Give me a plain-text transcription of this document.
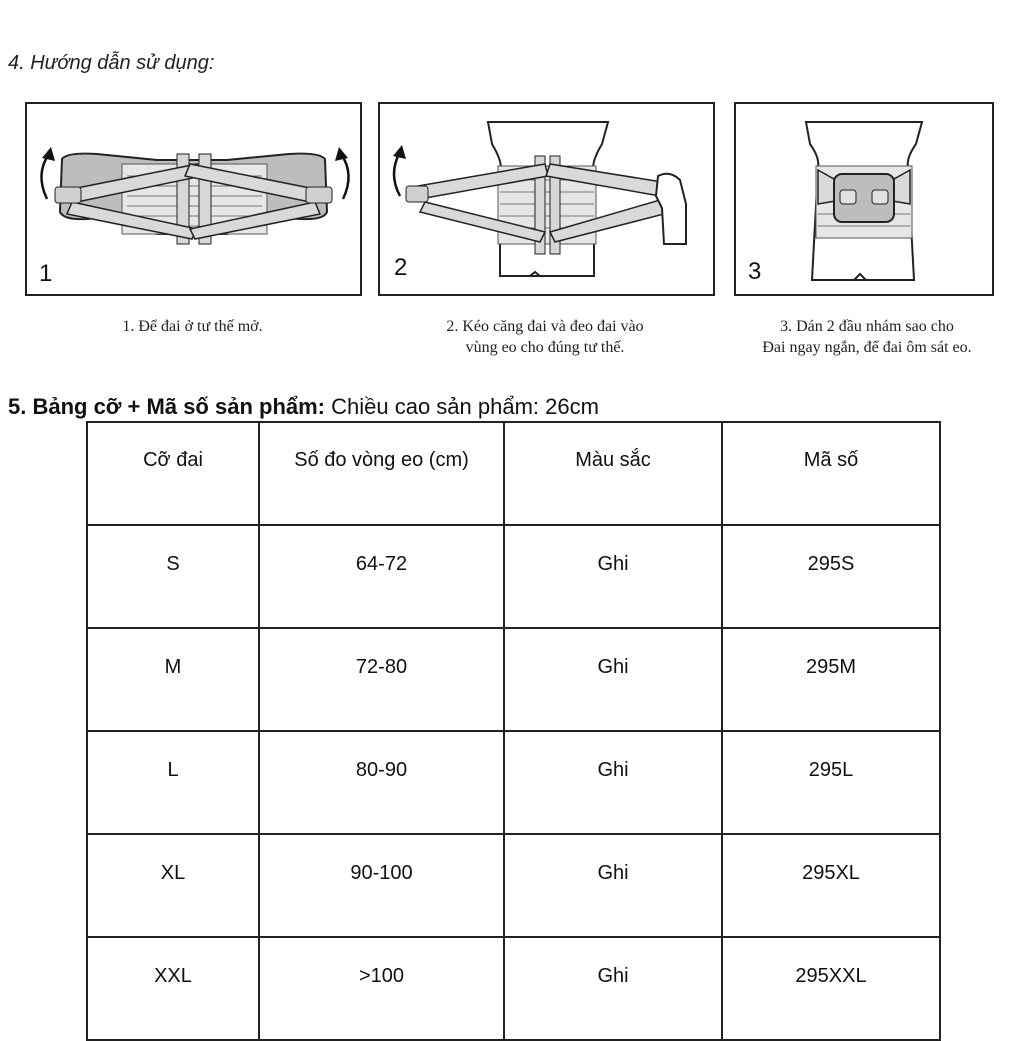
4. Hướng dẫn sử dụng:
1	2	3
1. Để đai ở tư thế mở.	2. Kéo căng đai và đeo đai vào
vùng eo cho đúng tư thế.
3. Dán 2 đầu nhám sao cho
Đai ngay ngắn, để đai ôm sát eo.
5. Bảng cỡ + Mã số sản phẩm: Chiều cao sản phẩm: 26cm
Cỡ đai	Số đo vòng eo (cm)	Màu sắc	Mã số
S	64-72	Ghi	295S
M	72-80	Ghi	295M
L	80-90	Ghi	295L
XL	90-100	Ghi	295XL
XXL	>100	Ghi	295XXL
